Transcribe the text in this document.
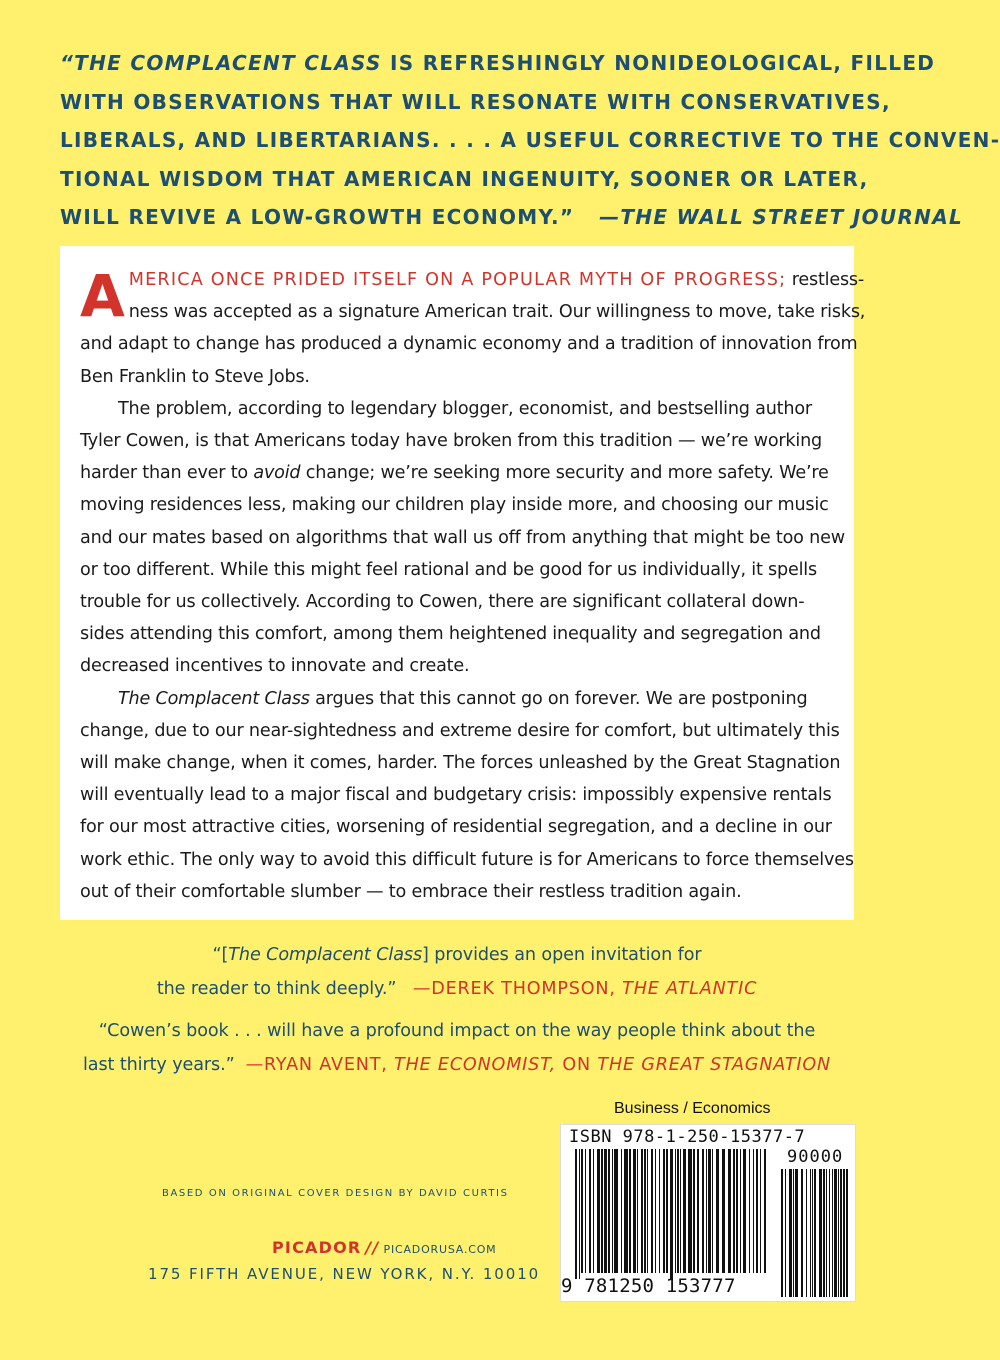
“THE COMPLACENT CLASS IS REFRESHINGLY NONIDEOLOGICAL, FILLED
WITH OBSERVATIONS THAT WILL RESONATE WITH CONSERVATIVES,
LIBERALS, AND LIBERTARIANS. . . . A USEFUL CORRECTIVE TO THE CONVEN-
TIONAL WISDOM THAT AMERICAN INGENUITY, SOONER OR LATER,
WILL REVIVE A LOW-GROWTH ECONOMY.” —THE WALL STREET JOURNAL
A MERICA ONCE PRIDED ITSELF ON A POPULAR MYTH OF PROGRESS; restless-
ness was accepted as a signature American trait. Our willingness to move, take risks,
and adapt to change has produced a dynamic economy and a tradition of innovation from
Ben Franklin to Steve Jobs.
The problem, according to legendary blogger, economist, and bestselling author
Tyler Cowen, is that Americans today have broken from this tradition — we’re working
harder than ever to avoid change; we’re seeking more security and more safety. We’re
moving residences less, making our children play inside more, and choosing our music
and our mates based on algorithms that wall us off from anything that might be too new
or too different. While this might feel rational and be good for us individually, it spells
trouble for us collectively. According to Cowen, there are significant collateral down-
sides attending this comfort, among them heightened inequality and segregation and
decreased incentives to innovate and create.
The Complacent Class argues that this cannot go on forever. We are postponing
change, due to our near-sightedness and extreme desire for comfort, but ultimately this
will make change, when it comes, harder. The forces unleashed by the Great Stagnation
will eventually lead to a major fiscal and budgetary crisis: impossibly expensive rentals
for our most attractive cities, worsening of residential segregation, and a decline in our
work ethic. The only way to avoid this difficult future is for Americans to force themselves
out of their comfortable slumber — to embrace their restless tradition again.
“[The Complacent Class] provides an open invitation for
the reader to think deeply.” —DEREK THOMPSON, THE ATLANTIC
“Cowen’s book . . . will have a profound impact on the way people think about the
last thirty years.” —RYAN AVENT, THE ECONOMIST, ON THE GREAT STAGNATION
Business / Economics
ISBN 978-1-250-15377-7
90000
9 781250 153777
BASED ON ORIGINAL COVER DESIGN BY DAVID CURTIS
PICADOR // PICADORUSA.COM
175 FIFTH AVENUE, NEW YORK, N.Y. 10010
